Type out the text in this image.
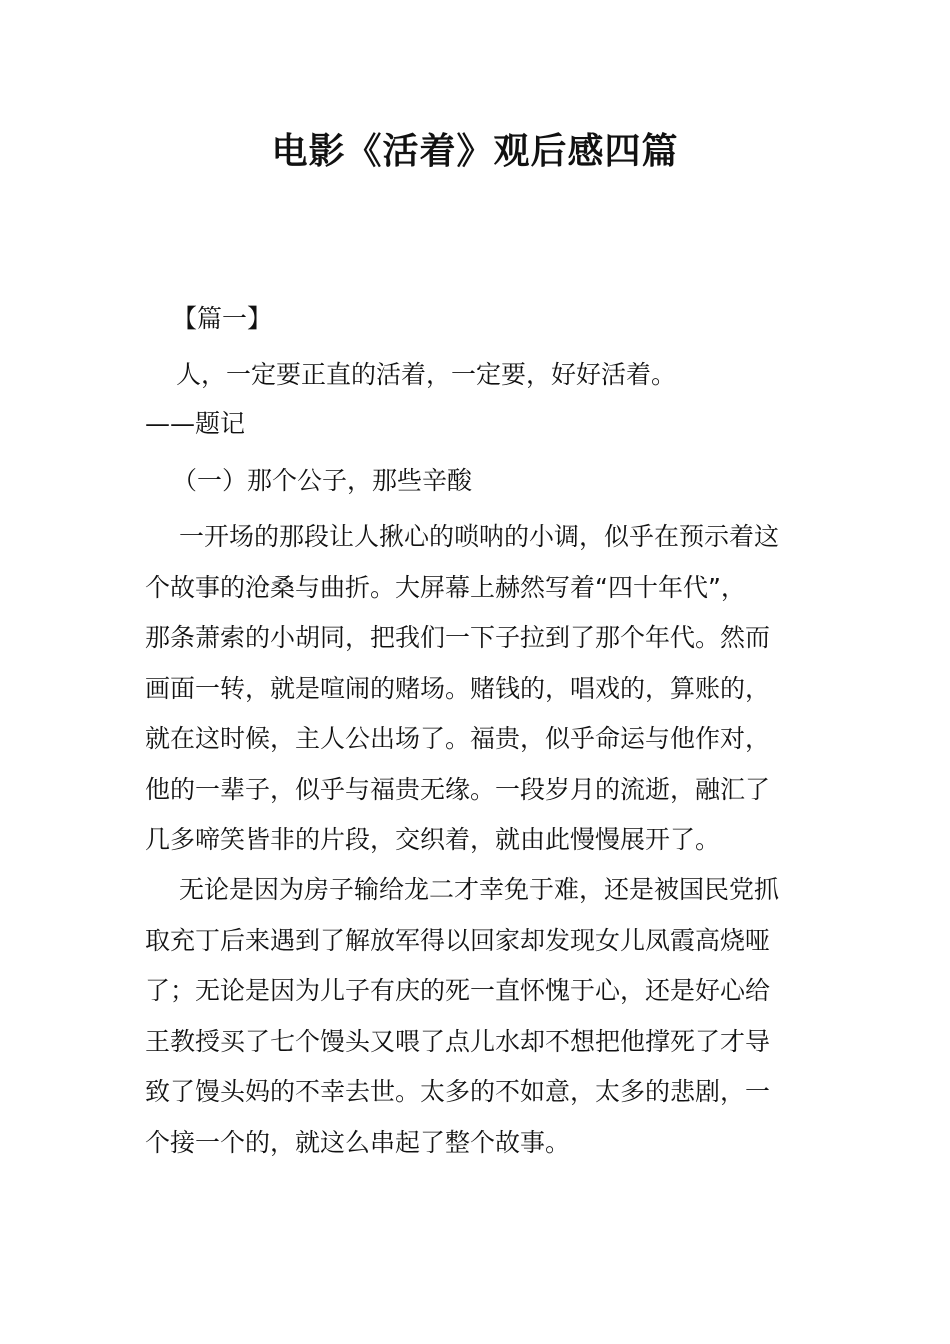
电影《活着》观后感四篇
【篇一】
人，一定要正直的活着，一定要，好好活着。
——题记
（一）那个公子，那些辛酸
一开场的那段让人揪心的唢呐的小调，似乎在预示着这
个故事的沧桑与曲折。大屏幕上赫然写着“四十年代”，
那条萧索的小胡同，把我们一下子拉到了那个年代。然而
画面一转，就是喧闹的赌场。赌钱的，唱戏的，算账的，
就在这时候，主人公出场了。福贵，似乎命运与他作对，
他的一辈子，似乎与福贵无缘。一段岁月的流逝，融汇了
几多啼笑皆非的片段，交织着，就由此慢慢展开了。
无论是因为房子输给龙二才幸免于难，还是被国民党抓
取充丁后来遇到了解放军得以回家却发现女儿凤霞高烧哑
了；无论是因为儿子有庆的死一直怀愧于心，还是好心给
王教授买了七个馒头又喂了点儿水却不想把他撑死了才导
致了馒头妈的不幸去世。太多的不如意，太多的悲剧，一
个接一个的，就这么串起了整个故事。
